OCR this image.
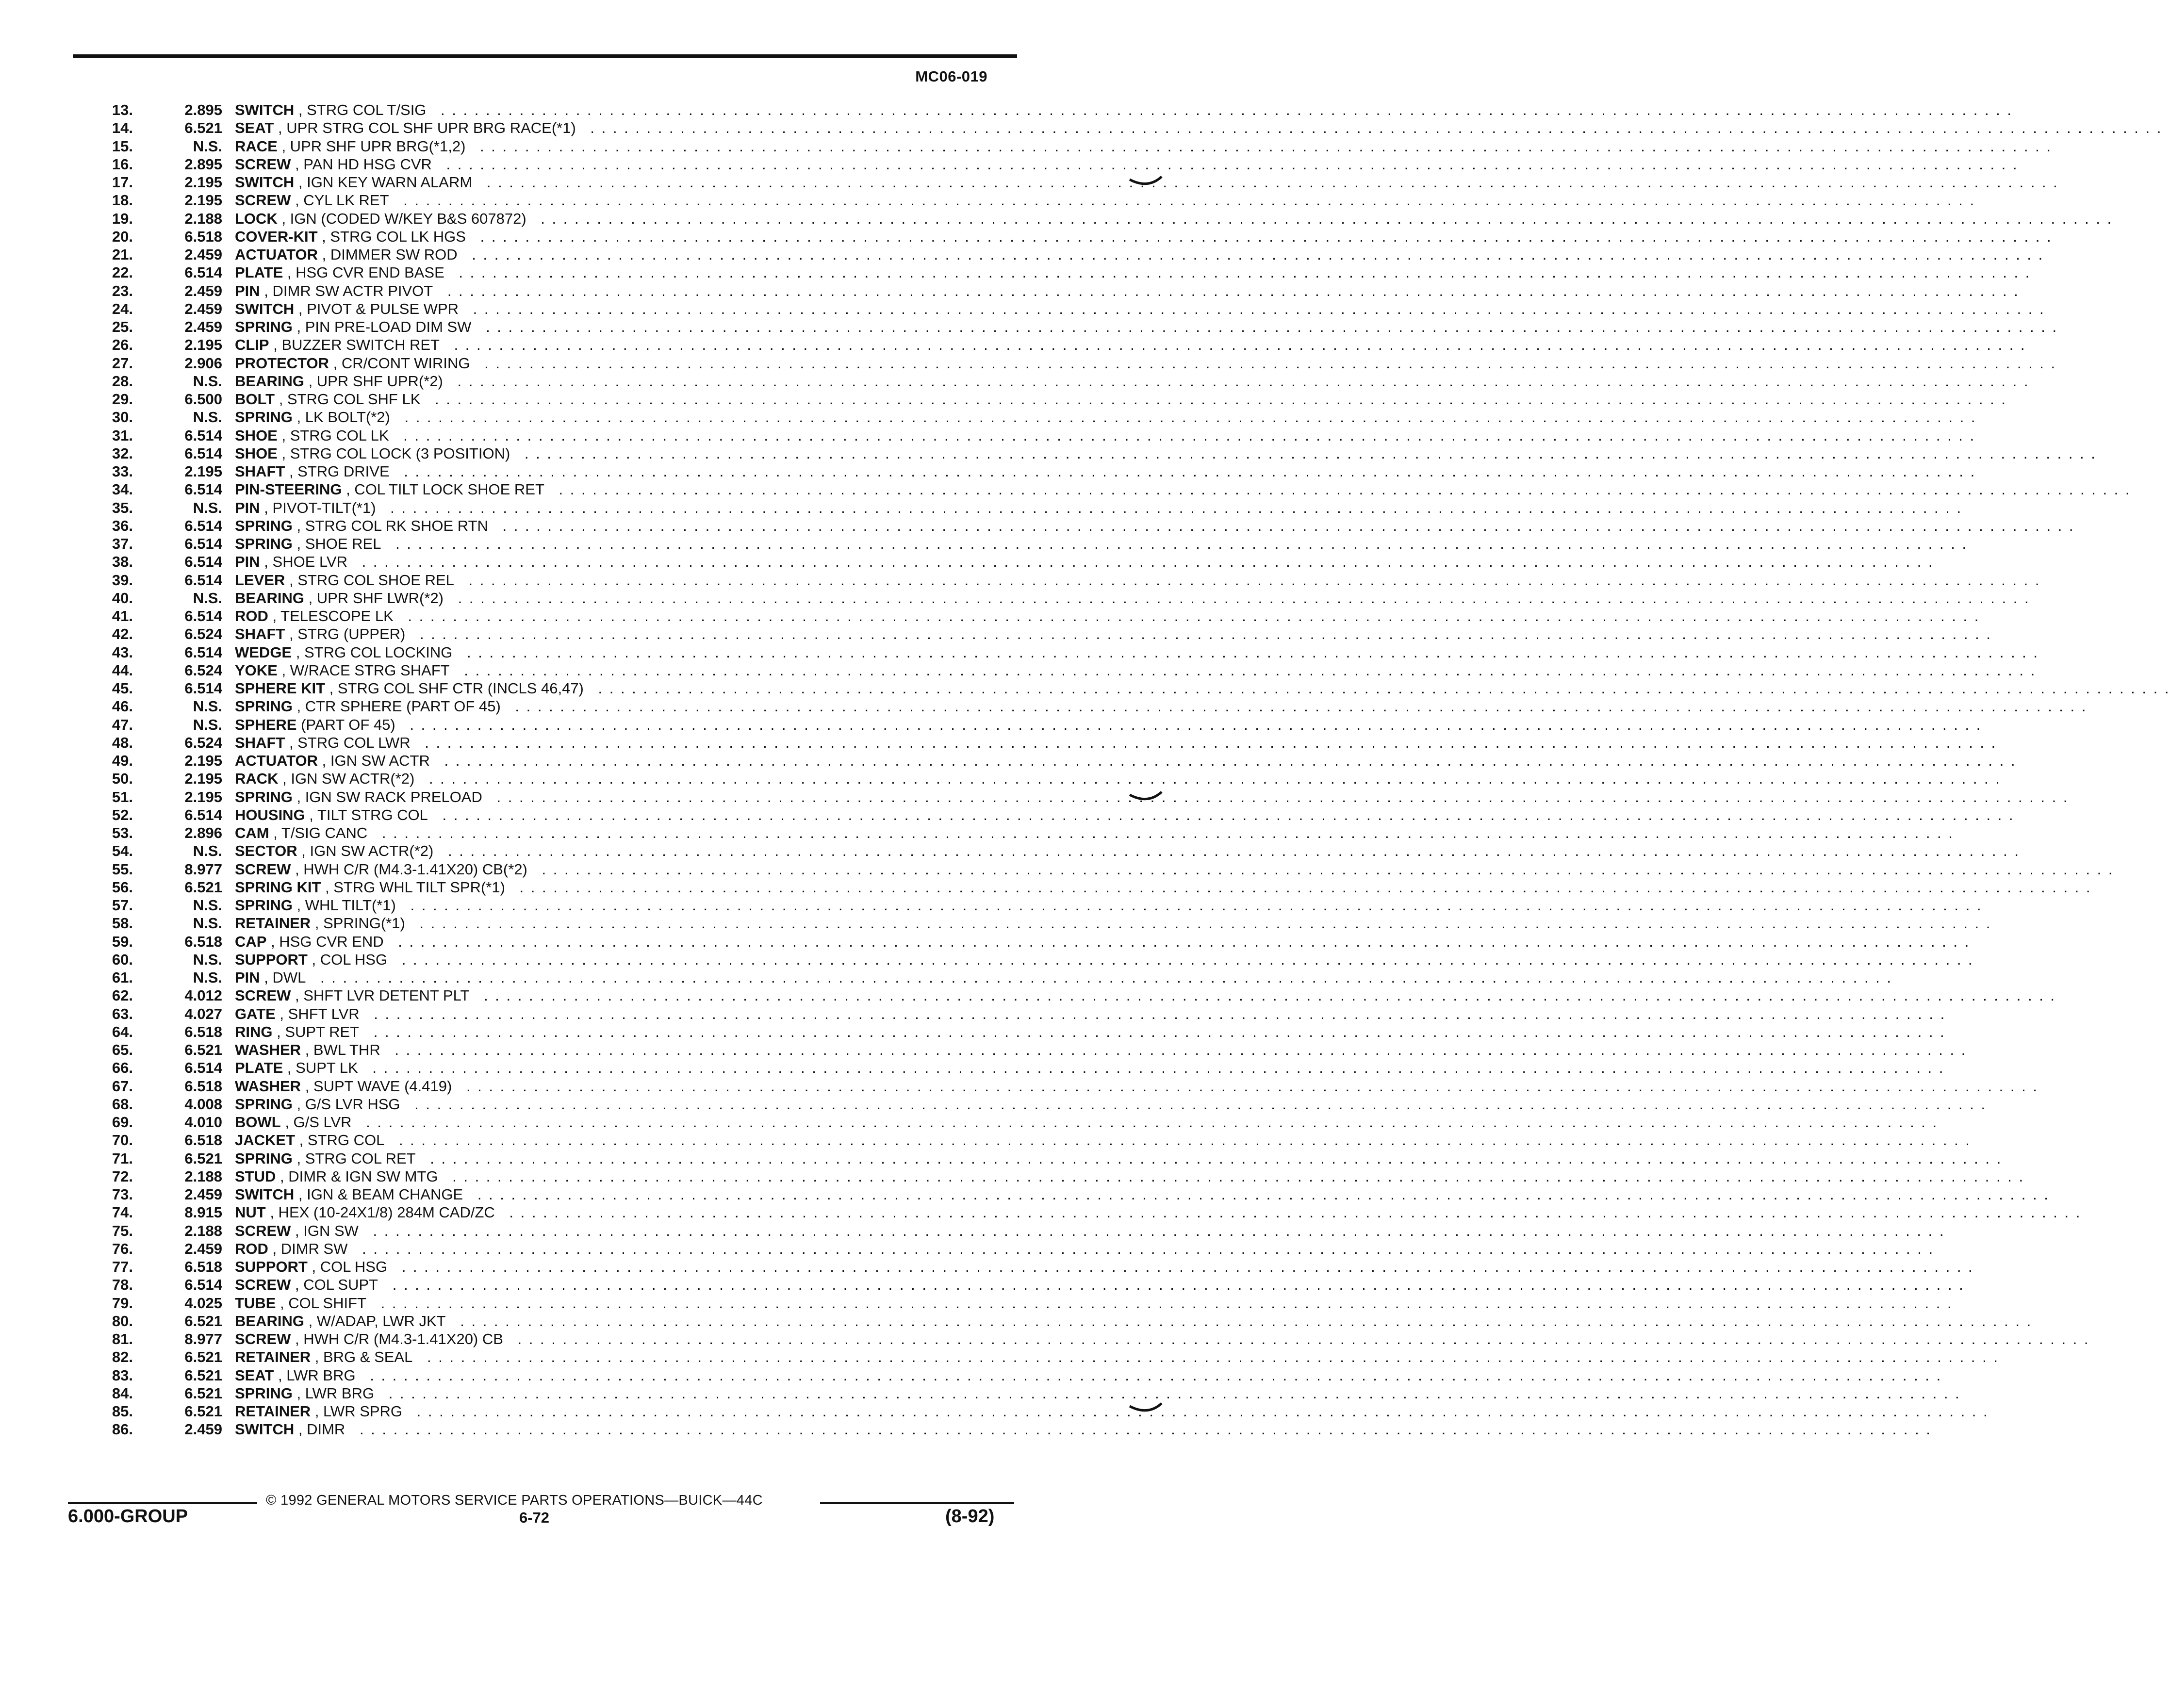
MC06-019
13.	2.895 SWITCH , STRG COL T/SIG . . . . . . . . . . . . . . . . . . . . . . . . . . . . . . . . . . . . . . . . . . . . . . . . . . . . . . . . . . . . . . . . . . . . . . . . . . . . . . . . . . . . . . . . . . . . . . . . . . . . . . . . . . . . . . . . . . . . . . . . . . . . . . . . . . . . . . . . . . . .
14.	6.521 SEAT , UPR STRG COL SHF UPR BRG RACE(*1) . . . . . . . . . . . . . . . . . . . . . . . . . . . . . . . . . . . . . . . . . . . . . . . . . . . . . . . . . . . . . . . . . . . . . . . . . . . . . . . . . . . . . . . . . . . . . . . . . . . . . . . . . . . . . . . . . . . . . . . . . . . . . . . . . . . . . . . . . . . .
15.	N.S. RACE , UPR SHF UPR BRG(*1,2) . . . . . . . . . . . . . . . . . . . . . . . . . . . . . . . . . . . . . . . . . . . . . . . . . . . . . . . . . . . . . . . . . . . . . . . . . . . . . . . . . . . . . . . . . . . . . . . . . . . . . . . . . . . . . . . . . . . . . . . . . . . . . . . . . . . . . . . . . . . .
16.	2.895 SCREW , PAN HD HSG CVR . . . . . . . . . . . . . . . . . . . . . . . . . . . . . . . . . . . . . . . . . . . . . . . . . . . . . . . . . . . . . . . . . . . . . . . . . . . . . . . . . . . . . . . . . . . . . . . . . . . . . . . . . . . . . . . . . . . . . . . . . . . . . . . . . . . . . . . . . . . .
17.	2.195 SWITCH , IGN KEY WARN ALARM . . . . . . . . . . . . . . . . . . . . . . . . . . . . . . . . . . . . . . . . . . . . . . . . . . . . . . . . . . . . . . . . . . . . . . . . . . . . . . . . . . . . . . . . . . . . . . . . . . . . . . . . . . . . . . . . . . . . . . . . . . . . . . . . . . . . . . . . . . . .
18.	2.195 SCREW , CYL LK RET . . . . . . . . . . . . . . . . . . . . . . . . . . . . . . . . . . . . . . . . . . . . . . . . . . . . . . . . . . . . . . . . . . . . . . . . . . . . . . . . . . . . . . . . . . . . . . . . . . . . . . . . . . . . . . . . . . . . . . . . . . . . . . . . . . . . . . . . . . . .
19.	2.188 LOCK , IGN (CODED W/KEY B&S 607872) . . . . . . . . . . . . . . . . . . . . . . . . . . . . . . . . . . . . . . . . . . . . . . . . . . . . . . . . . . . . . . . . . . . . . . . . . . . . . . . . . . . . . . . . . . . . . . . . . . . . . . . . . . . . . . . . . . . . . . . . . . . . . . . . . . . . . . . . . . . .
20.	6.518 COVER-KIT , STRG COL LK HGS . . . . . . . . . . . . . . . . . . . . . . . . . . . . . . . . . . . . . . . . . . . . . . . . . . . . . . . . . . . . . . . . . . . . . . . . . . . . . . . . . . . . . . . . . . . . . . . . . . . . . . . . . . . . . . . . . . . . . . . . . . . . . . . . . . . . . . . . . . . .
21.	2.459 ACTUATOR , DIMMER SW ROD . . . . . . . . . . . . . . . . . . . . . . . . . . . . . . . . . . . . . . . . . . . . . . . . . . . . . . . . . . . . . . . . . . . . . . . . . . . . . . . . . . . . . . . . . . . . . . . . . . . . . . . . . . . . . . . . . . . . . . . . . . . . . . . . . . . . . . . . . . . .
22.	6.514 PLATE , HSG CVR END BASE . . . . . . . . . . . . . . . . . . . . . . . . . . . . . . . . . . . . . . . . . . . . . . . . . . . . . . . . . . . . . . . . . . . . . . . . . . . . . . . . . . . . . . . . . . . . . . . . . . . . . . . . . . . . . . . . . . . . . . . . . . . . . . . . . . . . . . . . . . . .
23.	2.459 PIN , DIMR SW ACTR PIVOT . . . . . . . . . . . . . . . . . . . . . . . . . . . . . . . . . . . . . . . . . . . . . . . . . . . . . . . . . . . . . . . . . . . . . . . . . . . . . . . . . . . . . . . . . . . . . . . . . . . . . . . . . . . . . . . . . . . . . . . . . . . . . . . . . . . . . . . . . . . .
24.	2.459 SWITCH , PIVOT & PULSE WPR . . . . . . . . . . . . . . . . . . . . . . . . . . . . . . . . . . . . . . . . . . . . . . . . . . . . . . . . . . . . . . . . . . . . . . . . . . . . . . . . . . . . . . . . . . . . . . . . . . . . . . . . . . . . . . . . . . . . . . . . . . . . . . . . . . . . . . . . . . . .
25.	2.459 SPRING , PIN PRE-LOAD DIM SW . . . . . . . . . . . . . . . . . . . . . . . . . . . . . . . . . . . . . . . . . . . . . . . . . . . . . . . . . . . . . . . . . . . . . . . . . . . . . . . . . . . . . . . . . . . . . . . . . . . . . . . . . . . . . . . . . . . . . . . . . . . . . . . . . . . . . . . . . . . .
26.	2.195 CLIP , BUZZER SWITCH RET . . . . . . . . . . . . . . . . . . . . . . . . . . . . . . . . . . . . . . . . . . . . . . . . . . . . . . . . . . . . . . . . . . . . . . . . . . . . . . . . . . . . . . . . . . . . . . . . . . . . . . . . . . . . . . . . . . . . . . . . . . . . . . . . . . . . . . . . . . . .
27.	2.906 PROTECTOR , CR/CONT WIRING . . . . . . . . . . . . . . . . . . . . . . . . . . . . . . . . . . . . . . . . . . . . . . . . . . . . . . . . . . . . . . . . . . . . . . . . . . . . . . . . . . . . . . . . . . . . . . . . . . . . . . . . . . . . . . . . . . . . . . . . . . . . . . . . . . . . . . . . . . . .
28.	N.S. BEARING , UPR SHF UPR(*2) . . . . . . . . . . . . . . . . . . . . . . . . . . . . . . . . . . . . . . . . . . . . . . . . . . . . . . . . . . . . . . . . . . . . . . . . . . . . . . . . . . . . . . . . . . . . . . . . . . . . . . . . . . . . . . . . . . . . . . . . . . . . . . . . . . . . . . . . . . . .
29.	6.500 BOLT , STRG COL SHF LK . . . . . . . . . . . . . . . . . . . . . . . . . . . . . . . . . . . . . . . . . . . . . . . . . . . . . . . . . . . . . . . . . . . . . . . . . . . . . . . . . . . . . . . . . . . . . . . . . . . . . . . . . . . . . . . . . . . . . . . . . . . . . . . . . . . . . . . . . . . .
30.	N.S. SPRING , LK BOLT(*2) . . . . . . . . . . . . . . . . . . . . . . . . . . . . . . . . . . . . . . . . . . . . . . . . . . . . . . . . . . . . . . . . . . . . . . . . . . . . . . . . . . . . . . . . . . . . . . . . . . . . . . . . . . . . . . . . . . . . . . . . . . . . . . . . . . . . . . . . . . . .
31.	6.514 SHOE , STRG COL LK . . . . . . . . . . . . . . . . . . . . . . . . . . . . . . . . . . . . . . . . . . . . . . . . . . . . . . . . . . . . . . . . . . . . . . . . . . . . . . . . . . . . . . . . . . . . . . . . . . . . . . . . . . . . . . . . . . . . . . . . . . . . . . . . . . . . . . . . . . . .
32.	6.514 SHOE , STRG COL LOCK (3 POSITION) . . . . . . . . . . . . . . . . . . . . . . . . . . . . . . . . . . . . . . . . . . . . . . . . . . . . . . . . . . . . . . . . . . . . . . . . . . . . . . . . . . . . . . . . . . . . . . . . . . . . . . . . . . . . . . . . . . . . . . . . . . . . . . . . . . . . . . . . . . . .
33.	2.195 SHAFT , STRG DRIVE . . . . . . . . . . . . . . . . . . . . . . . . . . . . . . . . . . . . . . . . . . . . . . . . . . . . . . . . . . . . . . . . . . . . . . . . . . . . . . . . . . . . . . . . . . . . . . . . . . . . . . . . . . . . . . . . . . . . . . . . . . . . . . . . . . . . . . . . . . . .
34.	6.514 PIN-STEERING , COL TILT LOCK SHOE RET . . . . . . . . . . . . . . . . . . . . . . . . . . . . . . . . . . . . . . . . . . . . . . . . . . . . . . . . . . . . . . . . . . . . . . . . . . . . . . . . . . . . . . . . . . . . . . . . . . . . . . . . . . . . . . . . . . . . . . . . . . . . . . . . . . . . . . . . . . . .
35.	N.S. PIN , PIVOT-TILT(*1) . . . . . . . . . . . . . . . . . . . . . . . . . . . . . . . . . . . . . . . . . . . . . . . . . . . . . . . . . . . . . . . . . . . . . . . . . . . . . . . . . . . . . . . . . . . . . . . . . . . . . . . . . . . . . . . . . . . . . . . . . . . . . . . . . . . . . . . . . . . .
36.	6.514 SPRING , STRG COL RK SHOE RTN . . . . . . . . . . . . . . . . . . . . . . . . . . . . . . . . . . . . . . . . . . . . . . . . . . . . . . . . . . . . . . . . . . . . . . . . . . . . . . . . . . . . . . . . . . . . . . . . . . . . . . . . . . . . . . . . . . . . . . . . . . . . . . . . . . . . . . . . . . . .
37.	6.514 SPRING , SHOE REL . . . . . . . . . . . . . . . . . . . . . . . . . . . . . . . . . . . . . . . . . . . . . . . . . . . . . . . . . . . . . . . . . . . . . . . . . . . . . . . . . . . . . . . . . . . . . . . . . . . . . . . . . . . . . . . . . . . . . . . . . . . . . . . . . . . . . . . . . . . .
38.	6.514 PIN , SHOE LVR . . . . . . . . . . . . . . . . . . . . . . . . . . . . . . . . . . . . . . . . . . . . . . . . . . . . . . . . . . . . . . . . . . . . . . . . . . . . . . . . . . . . . . . . . . . . . . . . . . . . . . . . . . . . . . . . . . . . . . . . . . . . . . . . . . . . . . . . . . . .
39.	6.514 LEVER , STRG COL SHOE REL . . . . . . . . . . . . . . . . . . . . . . . . . . . . . . . . . . . . . . . . . . . . . . . . . . . . . . . . . . . . . . . . . . . . . . . . . . . . . . . . . . . . . . . . . . . . . . . . . . . . . . . . . . . . . . . . . . . . . . . . . . . . . . . . . . . . . . . . . . . .
40.	N.S. BEARING , UPR SHF LWR(*2) . . . . . . . . . . . . . . . . . . . . . . . . . . . . . . . . . . . . . . . . . . . . . . . . . . . . . . . . . . . . . . . . . . . . . . . . . . . . . . . . . . . . . . . . . . . . . . . . . . . . . . . . . . . . . . . . . . . . . . . . . . . . . . . . . . . . . . . . . . . .
41.	6.514 ROD , TELESCOPE LK . . . . . . . . . . . . . . . . . . . . . . . . . . . . . . . . . . . . . . . . . . . . . . . . . . . . . . . . . . . . . . . . . . . . . . . . . . . . . . . . . . . . . . . . . . . . . . . . . . . . . . . . . . . . . . . . . . . . . . . . . . . . . . . . . . . . . . . . . . . .
42.	6.524 SHAFT , STRG (UPPER) . . . . . . . . . . . . . . . . . . . . . . . . . . . . . . . . . . . . . . . . . . . . . . . . . . . . . . . . . . . . . . . . . . . . . . . . . . . . . . . . . . . . . . . . . . . . . . . . . . . . . . . . . . . . . . . . . . . . . . . . . . . . . . . . . . . . . . . . . . . .
43.	6.514 WEDGE , STRG COL LOCKING . . . . . . . . . . . . . . . . . . . . . . . . . . . . . . . . . . . . . . . . . . . . . . . . . . . . . . . . . . . . . . . . . . . . . . . . . . . . . . . . . . . . . . . . . . . . . . . . . . . . . . . . . . . . . . . . . . . . . . . . . . . . . . . . . . . . . . . . . . . .
44.	6.524 YOKE , W/RACE STRG SHAFT . . . . . . . . . . . . . . . . . . . . . . . . . . . . . . . . . . . . . . . . . . . . . . . . . . . . . . . . . . . . . . . . . . . . . . . . . . . . . . . . . . . . . . . . . . . . . . . . . . . . . . . . . . . . . . . . . . . . . . . . . . . . . . . . . . . . . . . . . . . .
45.	6.514 SPHERE KIT , STRG COL SHF CTR (INCLS 46,47) . . . . . . . . . . . . . . . . . . . . . . . . . . . . . . . . . . . . . . . . . . . . . . . . . . . . . . . . . . . . . . . . . . . . . . . . . . . . . . . . . . . . . . . . . . . . . . . . . . . . . . . . . . . . . . . . . . . . . . . . . . . . . . . . . . . . . . . . . . . .
46.	N.S. SPRING , CTR SPHERE (PART OF 45) . . . . . . . . . . . . . . . . . . . . . . . . . . . . . . . . . . . . . . . . . . . . . . . . . . . . . . . . . . . . . . . . . . . . . . . . . . . . . . . . . . . . . . . . . . . . . . . . . . . . . . . . . . . . . . . . . . . . . . . . . . . . . . . . . . . . . . . . . . . .
47.	N.S. SPHERE (PART OF 45) . . . . . . . . . . . . . . . . . . . . . . . . . . . . . . . . . . . . . . . . . . . . . . . . . . . . . . . . . . . . . . . . . . . . . . . . . . . . . . . . . . . . . . . . . . . . . . . . . . . . . . . . . . . . . . . . . . . . . . . . . . . . . . . . . . . . . . . . . . . .
48.	6.524 SHAFT , STRG COL LWR . . . . . . . . . . . . . . . . . . . . . . . . . . . . . . . . . . . . . . . . . . . . . . . . . . . . . . . . . . . . . . . . . . . . . . . . . . . . . . . . . . . . . . . . . . . . . . . . . . . . . . . . . . . . . . . . . . . . . . . . . . . . . . . . . . . . . . . . . . . .
49.	2.195 ACTUATOR , IGN SW ACTR . . . . . . . . . . . . . . . . . . . . . . . . . . . . . . . . . . . . . . . . . . . . . . . . . . . . . . . . . . . . . . . . . . . . . . . . . . . . . . . . . . . . . . . . . . . . . . . . . . . . . . . . . . . . . . . . . . . . . . . . . . . . . . . . . . . . . . . . . . . .
50.	2.195 RACK , IGN SW ACTR(*2) . . . . . . . . . . . . . . . . . . . . . . . . . . . . . . . . . . . . . . . . . . . . . . . . . . . . . . . . . . . . . . . . . . . . . . . . . . . . . . . . . . . . . . . . . . . . . . . . . . . . . . . . . . . . . . . . . . . . . . . . . . . . . . . . . . . . . . . . . . . .
51.	2.195 SPRING , IGN SW RACK PRELOAD . . . . . . . . . . . . . . . . . . . . . . . . . . . . . . . . . . . . . . . . . . . . . . . . . . . . . . . . . . . . . . . . . . . . . . . . . . . . . . . . . . . . . . . . . . . . . . . . . . . . . . . . . . . . . . . . . . . . . . . . . . . . . . . . . . . . . . . . . . . .
52.	6.514 HOUSING , TILT STRG COL . . . . . . . . . . . . . . . . . . . . . . . . . . . . . . . . . . . . . . . . . . . . . . . . . . . . . . . . . . . . . . . . . . . . . . . . . . . . . . . . . . . . . . . . . . . . . . . . . . . . . . . . . . . . . . . . . . . . . . . . . . . . . . . . . . . . . . . . . . . .
53.	2.896 CAM , T/SIG CANC . . . . . . . . . . . . . . . . . . . . . . . . . . . . . . . . . . . . . . . . . . . . . . . . . . . . . . . . . . . . . . . . . . . . . . . . . . . . . . . . . . . . . . . . . . . . . . . . . . . . . . . . . . . . . . . . . . . . . . . . . . . . . . . . . . . . . . . . . . . .
54.	N.S. SECTOR , IGN SW ACTR(*2) . . . . . . . . . . . . . . . . . . . . . . . . . . . . . . . . . . . . . . . . . . . . . . . . . . . . . . . . . . . . . . . . . . . . . . . . . . . . . . . . . . . . . . . . . . . . . . . . . . . . . . . . . . . . . . . . . . . . . . . . . . . . . . . . . . . . . . . . . . . .
55.	8.977 SCREW , HWH C/R (M4.3-1.41X20) CB(*2) . . . . . . . . . . . . . . . . . . . . . . . . . . . . . . . . . . . . . . . . . . . . . . . . . . . . . . . . . . . . . . . . . . . . . . . . . . . . . . . . . . . . . . . . . . . . . . . . . . . . . . . . . . . . . . . . . . . . . . . . . . . . . . . . . . . . . . . . . . . .
56.	6.521 SPRING KIT , STRG WHL TILT SPR(*1) . . . . . . . . . . . . . . . . . . . . . . . . . . . . . . . . . . . . . . . . . . . . . . . . . . . . . . . . . . . . . . . . . . . . . . . . . . . . . . . . . . . . . . . . . . . . . . . . . . . . . . . . . . . . . . . . . . . . . . . . . . . . . . . . . . . . . . . . . . . .
57.	N.S. SPRING , WHL TILT(*1) . . . . . . . . . . . . . . . . . . . . . . . . . . . . . . . . . . . . . . . . . . . . . . . . . . . . . . . . . . . . . . . . . . . . . . . . . . . . . . . . . . . . . . . . . . . . . . . . . . . . . . . . . . . . . . . . . . . . . . . . . . . . . . . . . . . . . . . . . . . .
58.	N.S. RETAINER , SPRING(*1) . . . . . . . . . . . . . . . . . . . . . . . . . . . . . . . . . . . . . . . . . . . . . . . . . . . . . . . . . . . . . . . . . . . . . . . . . . . . . . . . . . . . . . . . . . . . . . . . . . . . . . . . . . . . . . . . . . . . . . . . . . . . . . . . . . . . . . . . . . . .
59.	6.518 CAP , HSG CVR END . . . . . . . . . . . . . . . . . . . . . . . . . . . . . . . . . . . . . . . . . . . . . . . . . . . . . . . . . . . . . . . . . . . . . . . . . . . . . . . . . . . . . . . . . . . . . . . . . . . . . . . . . . . . . . . . . . . . . . . . . . . . . . . . . . . . . . . . . . . .
60.	N.S. SUPPORT , COL HSG . . . . . . . . . . . . . . . . . . . . . . . . . . . . . . . . . . . . . . . . . . . . . . . . . . . . . . . . . . . . . . . . . . . . . . . . . . . . . . . . . . . . . . . . . . . . . . . . . . . . . . . . . . . . . . . . . . . . . . . . . . . . . . . . . . . . . . . . . . . .
61.	N.S. PIN , DWL . . . . . . . . . . . . . . . . . . . . . . . . . . . . . . . . . . . . . . . . . . . . . . . . . . . . . . . . . . . . . . . . . . . . . . . . . . . . . . . . . . . . . . . . . . . . . . . . . . . . . . . . . . . . . . . . . . . . . . . . . . . . . . . . . . . . . . . . . . . .
62.	4.012 SCREW , SHFT LVR DETENT PLT . . . . . . . . . . . . . . . . . . . . . . . . . . . . . . . . . . . . . . . . . . . . . . . . . . . . . . . . . . . . . . . . . . . . . . . . . . . . . . . . . . . . . . . . . . . . . . . . . . . . . . . . . . . . . . . . . . . . . . . . . . . . . . . . . . . . . . . . . . . .
63.	4.027 GATE , SHFT LVR . . . . . . . . . . . . . . . . . . . . . . . . . . . . . . . . . . . . . . . . . . . . . . . . . . . . . . . . . . . . . . . . . . . . . . . . . . . . . . . . . . . . . . . . . . . . . . . . . . . . . . . . . . . . . . . . . . . . . . . . . . . . . . . . . . . . . . . . . . . .
64.	6.518 RING , SUPT RET . . . . . . . . . . . . . . . . . . . . . . . . . . . . . . . . . . . . . . . . . . . . . . . . . . . . . . . . . . . . . . . . . . . . . . . . . . . . . . . . . . . . . . . . . . . . . . . . . . . . . . . . . . . . . . . . . . . . . . . . . . . . . . . . . . . . . . . . . . . .
65.	6.521 WASHER , BWL THR . . . . . . . . . . . . . . . . . . . . . . . . . . . . . . . . . . . . . . . . . . . . . . . . . . . . . . . . . . . . . . . . . . . . . . . . . . . . . . . . . . . . . . . . . . . . . . . . . . . . . . . . . . . . . . . . . . . . . . . . . . . . . . . . . . . . . . . . . . . .
66.	6.514 PLATE , SUPT LK . . . . . . . . . . . . . . . . . . . . . . . . . . . . . . . . . . . . . . . . . . . . . . . . . . . . . . . . . . . . . . . . . . . . . . . . . . . . . . . . . . . . . . . . . . . . . . . . . . . . . . . . . . . . . . . . . . . . . . . . . . . . . . . . . . . . . . . . . . . .
67.	6.518 WASHER , SUPT WAVE (4.419) . . . . . . . . . . . . . . . . . . . . . . . . . . . . . . . . . . . . . . . . . . . . . . . . . . . . . . . . . . . . . . . . . . . . . . . . . . . . . . . . . . . . . . . . . . . . . . . . . . . . . . . . . . . . . . . . . . . . . . . . . . . . . . . . . . . . . . . . . . . .
68.	4.008 SPRING , G/S LVR HSG . . . . . . . . . . . . . . . . . . . . . . . . . . . . . . . . . . . . . . . . . . . . . . . . . . . . . . . . . . . . . . . . . . . . . . . . . . . . . . . . . . . . . . . . . . . . . . . . . . . . . . . . . . . . . . . . . . . . . . . . . . . . . . . . . . . . . . . . . . . .
69.	4.010 BOWL , G/S LVR . . . . . . . . . . . . . . . . . . . . . . . . . . . . . . . . . . . . . . . . . . . . . . . . . . . . . . . . . . . . . . . . . . . . . . . . . . . . . . . . . . . . . . . . . . . . . . . . . . . . . . . . . . . . . . . . . . . . . . . . . . . . . . . . . . . . . . . . . . . .
70.	6.518 JACKET , STRG COL . . . . . . . . . . . . . . . . . . . . . . . . . . . . . . . . . . . . . . . . . . . . . . . . . . . . . . . . . . . . . . . . . . . . . . . . . . . . . . . . . . . . . . . . . . . . . . . . . . . . . . . . . . . . . . . . . . . . . . . . . . . . . . . . . . . . . . . . . . . .
71.	6.521 SPRING , STRG COL RET . . . . . . . . . . . . . . . . . . . . . . . . . . . . . . . . . . . . . . . . . . . . . . . . . . . . . . . . . . . . . . . . . . . . . . . . . . . . . . . . . . . . . . . . . . . . . . . . . . . . . . . . . . . . . . . . . . . . . . . . . . . . . . . . . . . . . . . . . . . .
72.	2.188 STUD , DIMR & IGN SW MTG . . . . . . . . . . . . . . . . . . . . . . . . . . . . . . . . . . . . . . . . . . . . . . . . . . . . . . . . . . . . . . . . . . . . . . . . . . . . . . . . . . . . . . . . . . . . . . . . . . . . . . . . . . . . . . . . . . . . . . . . . . . . . . . . . . . . . . . . . . . .
73.	2.459 SWITCH , IGN & BEAM CHANGE . . . . . . . . . . . . . . . . . . . . . . . . . . . . . . . . . . . . . . . . . . . . . . . . . . . . . . . . . . . . . . . . . . . . . . . . . . . . . . . . . . . . . . . . . . . . . . . . . . . . . . . . . . . . . . . . . . . . . . . . . . . . . . . . . . . . . . . . . . . .
74.	8.915 NUT , HEX (10-24X1/8) 284M CAD/ZC . . . . . . . . . . . . . . . . . . . . . . . . . . . . . . . . . . . . . . . . . . . . . . . . . . . . . . . . . . . . . . . . . . . . . . . . . . . . . . . . . . . . . . . . . . . . . . . . . . . . . . . . . . . . . . . . . . . . . . . . . . . . . . . . . . . . . . . . . . . .
75.	2.188 SCREW , IGN SW . . . . . . . . . . . . . . . . . . . . . . . . . . . . . . . . . . . . . . . . . . . . . . . . . . . . . . . . . . . . . . . . . . . . . . . . . . . . . . . . . . . . . . . . . . . . . . . . . . . . . . . . . . . . . . . . . . . . . . . . . . . . . . . . . . . . . . . . . . . .
76.	2.459 ROD , DIMR SW . . . . . . . . . . . . . . . . . . . . . . . . . . . . . . . . . . . . . . . . . . . . . . . . . . . . . . . . . . . . . . . . . . . . . . . . . . . . . . . . . . . . . . . . . . . . . . . . . . . . . . . . . . . . . . . . . . . . . . . . . . . . . . . . . . . . . . . . . . . .
77.	6.518 SUPPORT , COL HSG . . . . . . . . . . . . . . . . . . . . . . . . . . . . . . . . . . . . . . . . . . . . . . . . . . . . . . . . . . . . . . . . . . . . . . . . . . . . . . . . . . . . . . . . . . . . . . . . . . . . . . . . . . . . . . . . . . . . . . . . . . . . . . . . . . . . . . . . . . . .
78.	6.514 SCREW , COL SUPT . . . . . . . . . . . . . . . . . . . . . . . . . . . . . . . . . . . . . . . . . . . . . . . . . . . . . . . . . . . . . . . . . . . . . . . . . . . . . . . . . . . . . . . . . . . . . . . . . . . . . . . . . . . . . . . . . . . . . . . . . . . . . . . . . . . . . . . . . . . .
79.	4.025 TUBE , COL SHIFT . . . . . . . . . . . . . . . . . . . . . . . . . . . . . . . . . . . . . . . . . . . . . . . . . . . . . . . . . . . . . . . . . . . . . . . . . . . . . . . . . . . . . . . . . . . . . . . . . . . . . . . . . . . . . . . . . . . . . . . . . . . . . . . . . . . . . . . . . . . .
80.	6.521 BEARING , W/ADAP, LWR JKT . . . . . . . . . . . . . . . . . . . . . . . . . . . . . . . . . . . . . . . . . . . . . . . . . . . . . . . . . . . . . . . . . . . . . . . . . . . . . . . . . . . . . . . . . . . . . . . . . . . . . . . . . . . . . . . . . . . . . . . . . . . . . . . . . . . . . . . . . . . .
81.	8.977 SCREW , HWH C/R (M4.3-1.41X20) CB . . . . . . . . . . . . . . . . . . . . . . . . . . . . . . . . . . . . . . . . . . . . . . . . . . . . . . . . . . . . . . . . . . . . . . . . . . . . . . . . . . . . . . . . . . . . . . . . . . . . . . . . . . . . . . . . . . . . . . . . . . . . . . . . . . . . . . . . . . . .
82.	6.521 RETAINER , BRG & SEAL . . . . . . . . . . . . . . . . . . . . . . . . . . . . . . . . . . . . . . . . . . . . . . . . . . . . . . . . . . . . . . . . . . . . . . . . . . . . . . . . . . . . . . . . . . . . . . . . . . . . . . . . . . . . . . . . . . . . . . . . . . . . . . . . . . . . . . . . . . . .
83.	6.521 SEAT , LWR BRG . . . . . . . . . . . . . . . . . . . . . . . . . . . . . . . . . . . . . . . . . . . . . . . . . . . . . . . . . . . . . . . . . . . . . . . . . . . . . . . . . . . . . . . . . . . . . . . . . . . . . . . . . . . . . . . . . . . . . . . . . . . . . . . . . . . . . . . . . . . .
84.	6.521 SPRING , LWR BRG . . . . . . . . . . . . . . . . . . . . . . . . . . . . . . . . . . . . . . . . . . . . . . . . . . . . . . . . . . . . . . . . . . . . . . . . . . . . . . . . . . . . . . . . . . . . . . . . . . . . . . . . . . . . . . . . . . . . . . . . . . . . . . . . . . . . . . . . . . . .
85.	6.521 RETAINER , LWR SPRG . . . . . . . . . . . . . . . . . . . . . . . . . . . . . . . . . . . . . . . . . . . . . . . . . . . . . . . . . . . . . . . . . . . . . . . . . . . . . . . . . . . . . . . . . . . . . . . . . . . . . . . . . . . . . . . . . . . . . . . . . . . . . . . . . . . . . . . . . . . .
86.	2.459 SWITCH , DIMR . . . . . . . . . . . . . . . . . . . . . . . . . . . . . . . . . . . . . . . . . . . . . . . . . . . . . . . . . . . . . . . . . . . . . . . . . . . . . . . . . . . . . . . . . . . . . . . . . . . . . . . . . . . . . . . . . . . . . . . . . . . . . . . . . . . . . . . . . . . .
© 1992 GENERAL MOTORS SERVICE PARTS OPERATIONS—BUICK—44C
6.000-GROUP	6-72	(8-92)
